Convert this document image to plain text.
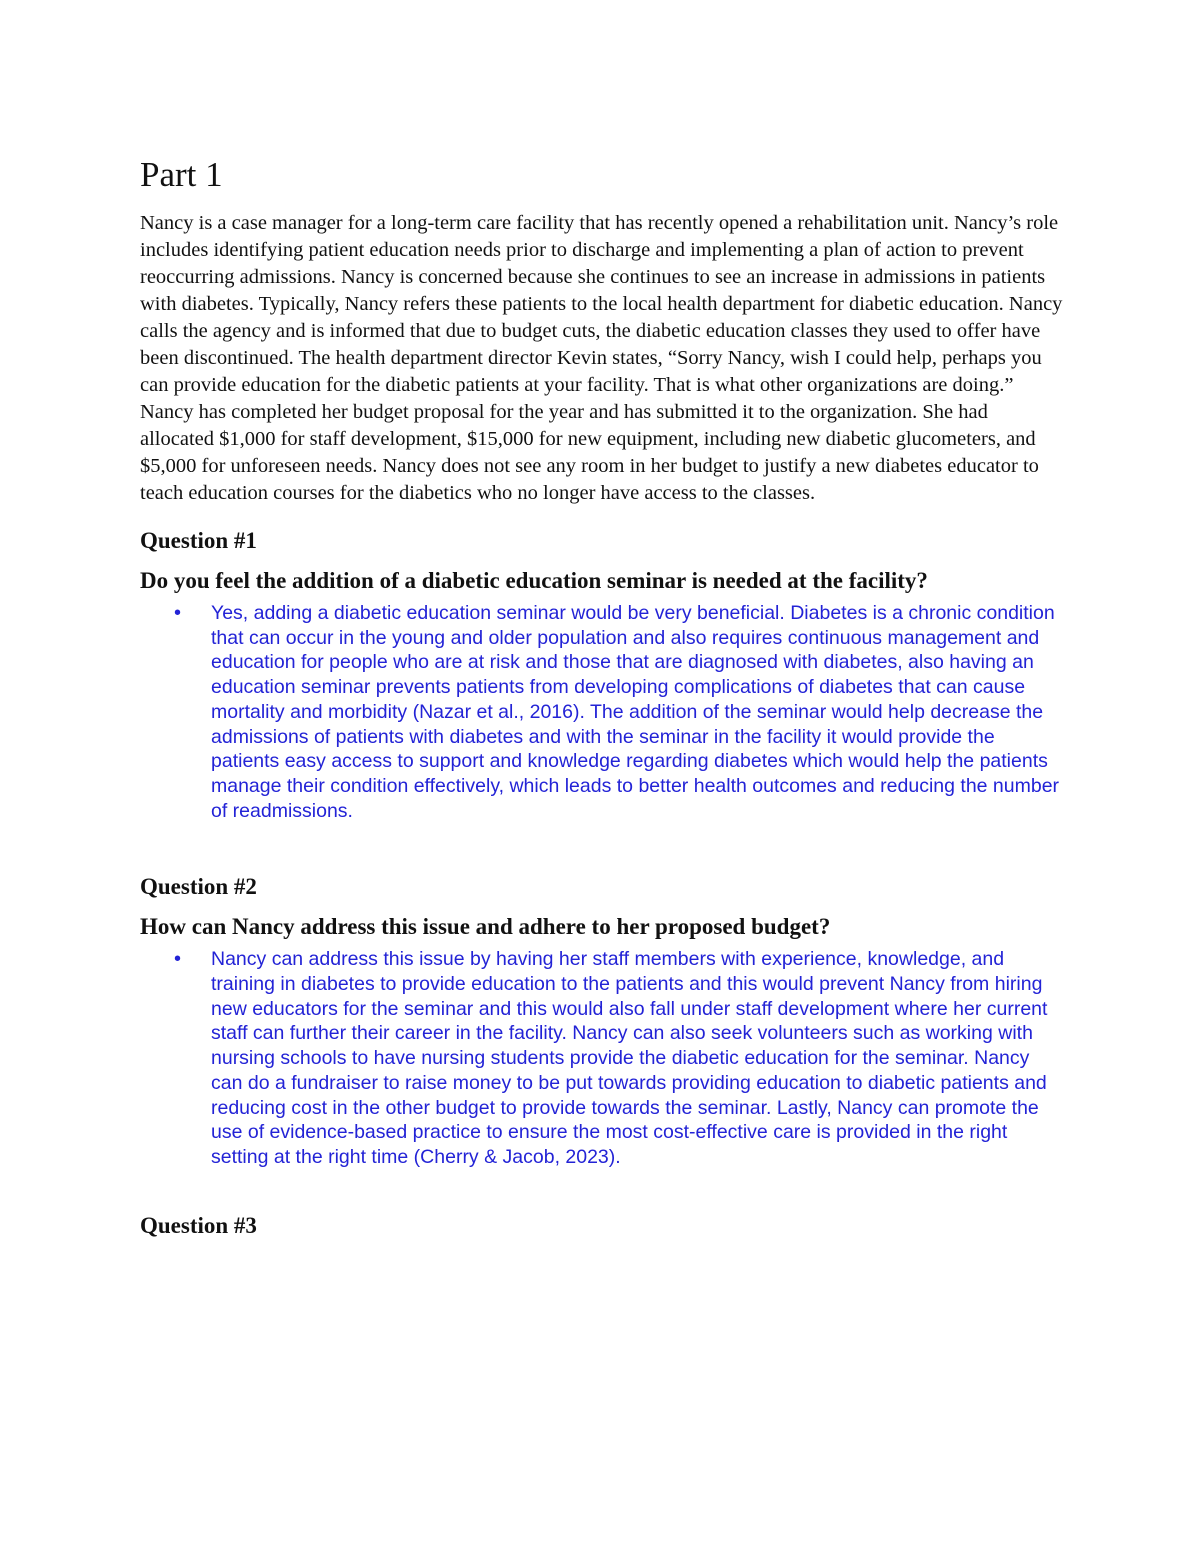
Part 1

Nancy is a case manager for a long-term care facility that has recently opened a rehabilitation unit. Nancy’s role includes identifying patient education needs prior to discharge and implementing a plan of action to prevent reoccurring admissions. Nancy is concerned because she continues to see an increase in admissions in patients with diabetes. Typically, Nancy refers these patients to the local health department for diabetic education. Nancy calls the agency and is informed that due to budget cuts, the diabetic education classes they used to offer have been discontinued. The health department director Kevin states, “Sorry Nancy, wish I could help, perhaps you can provide education for the diabetic patients at your facility. That is what other organizations are doing.” Nancy has completed her budget proposal for the year and has submitted it to the organization. She had allocated $1,000 for staff development, $15,000 for new equipment, including new diabetic glucometers, and $5,000 for unforeseen needs. Nancy does not see any room in her budget to justify a new diabetes educator to teach education courses for the diabetics who no longer have access to the classes.

Question #1
Do you feel the addition of a diabetic education seminar is needed at the facility?
• Yes, adding a diabetic education seminar would be very beneficial. Diabetes is a chronic condition that can occur in the young and older population and also requires continuous management and education for people who are at risk and those that are diagnosed with diabetes, also having an education seminar prevents patients from developing complications of diabetes that can cause mortality and morbidity (Nazar et al., 2016). The addition of the seminar would help decrease the admissions of patients with diabetes and with the seminar in the facility it would provide the patients easy access to support and knowledge regarding diabetes which would help the patients manage their condition effectively, which leads to better health outcomes and reducing the number of readmissions.
Question #2
How can Nancy address this issue and adhere to her proposed budget?
• Nancy can address this issue by having her staff members with experience, knowledge, and training in diabetes to provide education to the patients and this would prevent Nancy from hiring new educators for the seminar and this would also fall under staff development where her current staff can further their career in the facility. Nancy can also seek volunteers such as working with nursing schools to have nursing students provide the diabetic education for the seminar. Nancy can do a fundraiser to raise money to be put towards providing education to diabetic patients and reducing cost in the other budget to provide towards the seminar. Lastly, Nancy can promote the use of evidence-based practice to ensure the most cost-effective care is provided in the right setting at the right time (Cherry & Jacob, 2023).
Question #3
